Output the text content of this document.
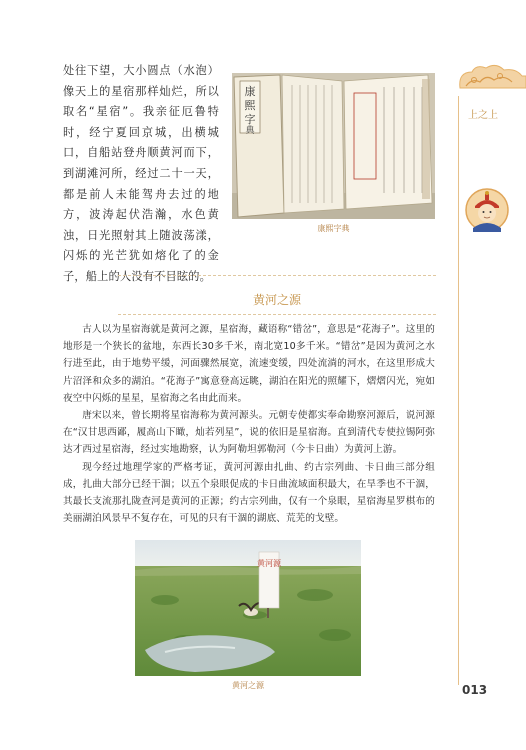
处往下望，大小圆点（水泡）像天上的星宿那样灿烂，所以取名“星宿”。我亲征厄鲁特时，经宁夏回京城，出横城口，自船站登舟顺黄河而下，到湖滩河所，经过二十一天，都是前人未能驾舟去过的地方，波涛起伏浩瀚，水色黄浊，日光照射其上随波荡漾，闪烁的光芒犹如熔化了的金子，船上的人没有不目眩的。
康
熙
字
典
康熙字典
黄河之源

古人以为星宿海就是黄河之源，星宿海，藏语称“错岔”，意思是“花海子”。这里的地形是一个狭长的盆地，东西长30多千米，南北宽10多千米。“错岔”是因为黄河之水行进至此，由于地势平缓，河面骤然展宽，流速变缓，四处流淌的河水，在这里形成大片沼泽和众多的湖泊。“花海子”寓意登高远眺，湖泊在阳光的照耀下，熠熠闪光，宛如夜空中闪烁的星星，星宿海之名由此而来。

唐宋以来，曾长期将星宿海称为黄河源头。元朝专使都实奉命勘察河源后，说河源在“汉甘思西鄙，履高山下瞰，灿若列星”，说的依旧是星宿海。直到清代专使拉锡阿弥达才西过星宿海，经过实地勘察，认为阿勒坦郭勒河（今卡日曲）为黄河上游。

现今经过地理学家的严格考证，黄河河源由扎曲、约古宗列曲、卡日曲三部分组成，扎曲大部分已经干涸；以五个泉眼促成的卡日曲流域面积最大，在旱季也不干涸，其最长支流那扎陇查河是黄河的正源；约古宗列曲，仅有一个泉眼，星宿海星罗棋布的美丽湖泊风景早不复存在，可见的只有干涸的湖底、荒芜的戈壁。

黄河源
黄河之源
上之上
013
